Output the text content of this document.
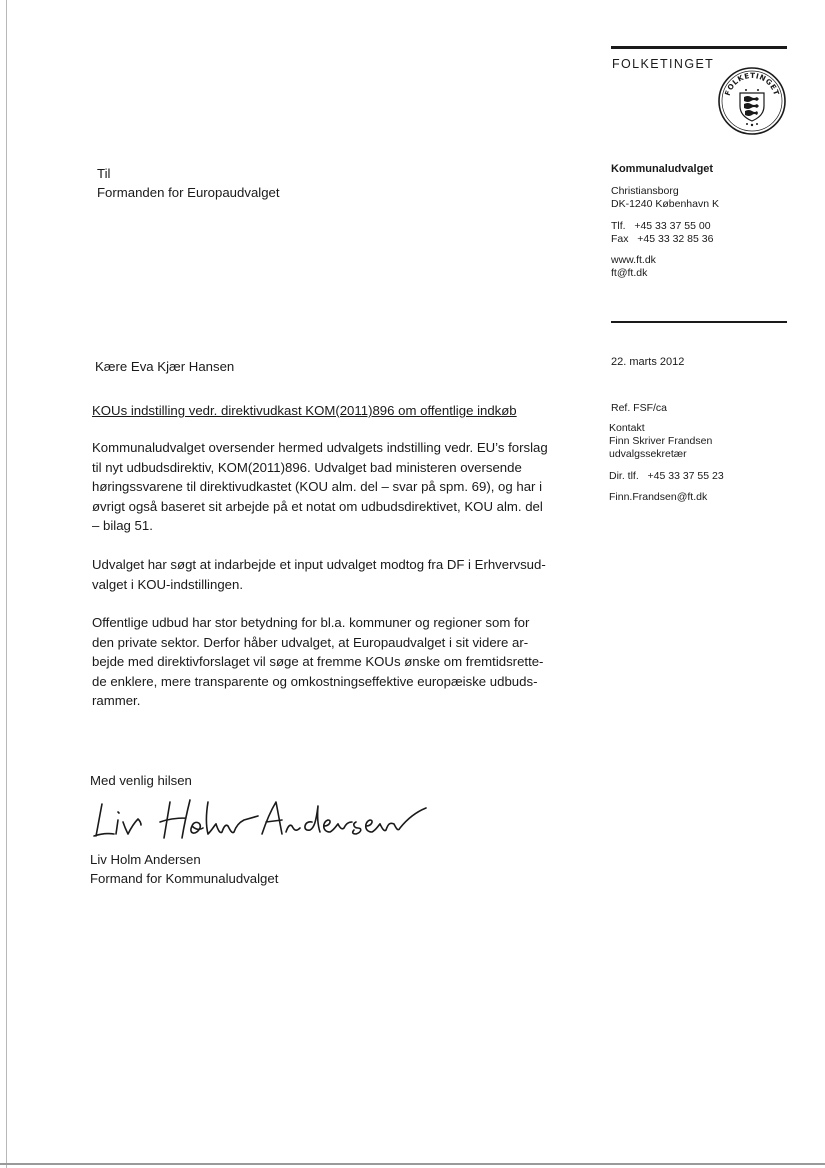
FOLKETINGET
FOLKETINGET
Kommunaludvalget
Christiansborg
DK-1240 København K
Tlf.   +45 33 37 55 00
Fax   +45 33 32 85 36
www.ft.dk
ft@ft.dk
Til
Formanden for Europaudvalget
22. marts 2012
Ref. FSF/ca
Kontakt
Finn Skriver Frandsen
udvalgssekretær
Dir. tlf.   +45 33 37 55 23
Finn.Frandsen@ft.dk
Kære Eva Kjær Hansen
KOUs indstilling vedr. direktivudkast KOM(2011)896 om offentlige indkøb
Kommunaludvalget oversender hermed udvalgets indstilling vedr. EU’s forslag
til nyt udbudsdirektiv, KOM(2011)896. Udvalget bad ministeren oversende
høringssvarene til direktivudkastet (KOU alm. del – svar på spm. 69), og har i
øvrigt også baseret sit arbejde på et notat om udbudsdirektivet, KOU alm. del
– bilag 51.
Udvalget har søgt at indarbejde et input udvalget modtog fra DF i Erhvervsud-
valget i KOU-indstillingen.
Offentlige udbud har stor betydning for bl.a. kommuner og regioner som for
den private sektor. Derfor håber udvalget, at Europaudvalget i sit videre ar-
bejde med direktivforslaget vil søge at fremme KOUs ønske om fremtidsrette-
de enklere, mere transparente og omkostningseffektive europæiske udbuds-
rammer.
Med venlig hilsen
Liv Holm Andersen
Formand for Kommunaludvalget
